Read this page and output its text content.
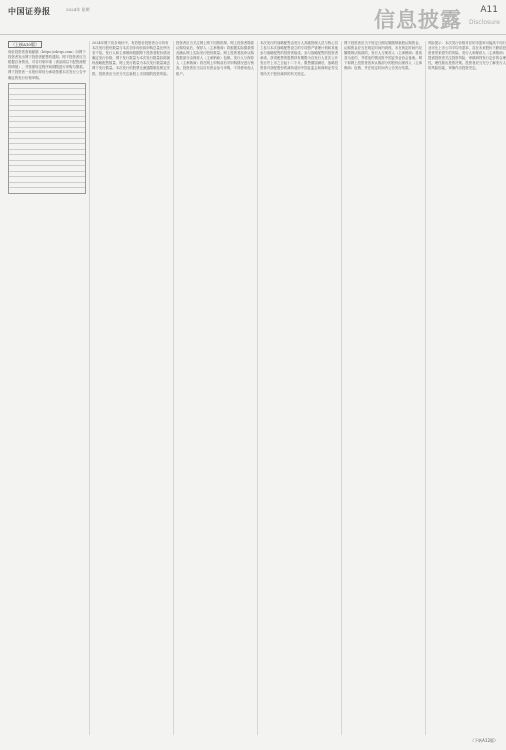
中国证券报	2024年 星期	信息披露 A11
Disclosure
（上接A10版）

询价投资者查询邮箱（https://zbcqs.com）向网下投资者发出网下投资者配售的通知。网下投资者应当根据自身情况，对各对象申请（请参照以下配售流程的明细），并按照规定程序和期限进行申购与缴款。网下投资者一旦报价即视为承诺按照本次发行公告中确定的发行价格申购。

2024年网下初步询价中，有效报价投资者合计持有本次发行股份数量与本次初步询价拟申购总量比例为若干倍。发行人和主承销商根据网下投资者报价情况确定发行价格，网下发行数量为本次发行数量扣除最终战略配售数量，网上发行数量为本次发行数量减去网下发行数量。本次发行的股票无流通限制及锁定安排，投资者应当充分关注新股上市初期的投资风险。

投资者应当关注网上网下回拨机制。网上投资者缴款认购结束后，保荐人（主承销商）将根据实际缴款情况确认网上实际发行股份数量。网上投资者放弃认购股数部分由保荐人（主承销商）包销。发行人与保荐人（主承销商）将在网上申购前后对申购情况进行核查。投资者应当以自有资金参与申购，不得使用他人账户。

本次发行的战略配售由发行人高级管理人员与核心员工参与本次战略配售设立的专项资产管理计划和其他参与战略配售的投资者组成。参与战略配售的投资者承诺，获得配售的股票持有期限为自发行人首次公开发行并上市之日起十二个月。限售期届满后，战略投资者对获配股份的减持适用中国证监会和深圳证券交易所关于股份减持的有关规定。

网下投资者应当于规定日期足额缴纳新股认购资金，认购资金应当在规定时间内到账。未在规定时间内足额缴纳认购款的，发行人与保荐人（主承销商）将视其为违约，并将违约情况报中国证券业协会备案。网下和网上投资者放弃认购部分的股份由保荐人（主承销商）包销，并在规定时间内公告发行结果。

风险提示：本次发行价格对应的市盈率可能高于同行业可比上市公司平均市盈率，存在未来股价下跌给投资者带来损失的风险。发行人和保荐人（主承销商）提请投资者关注投资风险，审慎研判发行定价的合理性，理性做出投资决策。投资者应当充分了解发行人的风险因素，审慎作出投资决定。

（下转A12版）
